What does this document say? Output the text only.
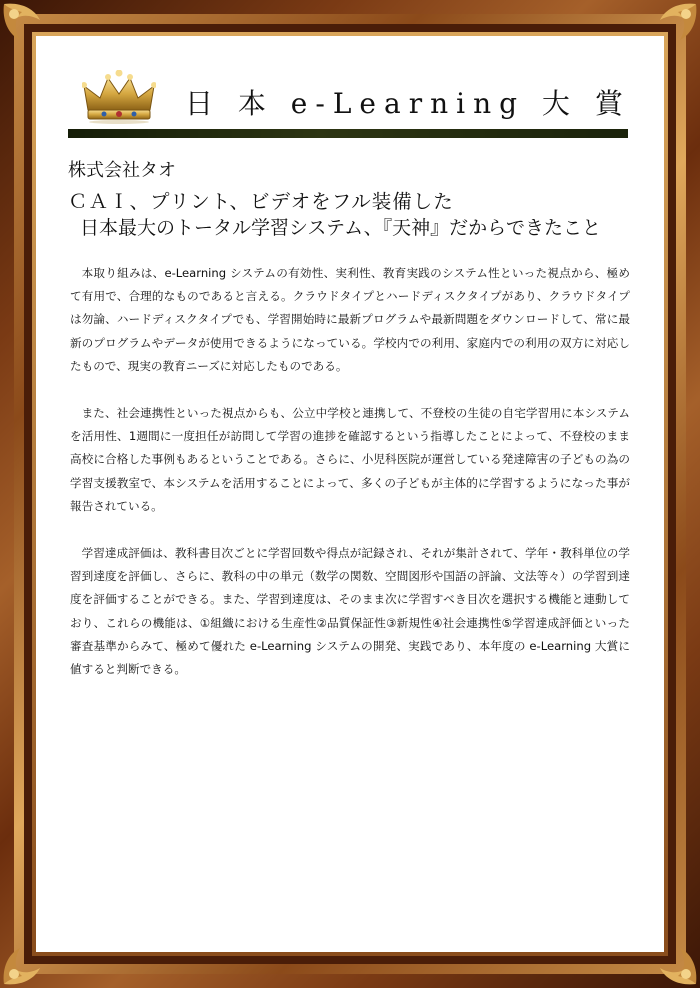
日 本 e-Learning 大 賞
株式会社タオ
ＣＡＩ、プリント、ビデオをフル装備した
日本最大のトータル学習システム、『天神』だからできたこと

本取り組みは、e-Learning システムの有効性、実利性、教育実践のシステム性といった視点から、極めて有用で、合理的なものであると言える。クラウドタイプとハードディスクタイプがあり、クラウドタイプは勿論、ハードディスクタイプでも、学習開始時に最新プログラムや最新問題をダウンロードして、常に最新のプログラムやデータが使用できるようになっている。学校内での利用、家庭内での利用の双方に対応したもので、現実の教育ニーズに対応したものである。

また、社会連携性といった視点からも、公立中学校と連携して、不登校の生徒の自宅学習用に本システムを活用性、1週間に一度担任が訪問して学習の進捗を確認するという指導したことによって、不登校のまま高校に合格した事例もあるということである。さらに、小児科医院が運営している発達障害の子どもの為の学習支援教室で、本システムを活用することによって、多くの子どもが主体的に学習するようになった事が報告されている。

学習達成評価は、教科書目次ごとに学習回数や得点が記録され、それが集計されて、学年・教科単位の学習到達度を評価し、さらに、教科の中の単元（数学の関数、空間図形や国語の評論、文法等々）の学習到達度を評価することができる。また、学習到達度は、そのまま次に学習すべき目次を選択する機能と連動しており、これらの機能は、①組織における生産性②品質保証性③新規性④社会連携性⑤学習達成評価といった審査基準からみて、極めて優れた e-Learning システムの開発、実践であり、本年度の e-Learning 大賞に値すると判断できる。
